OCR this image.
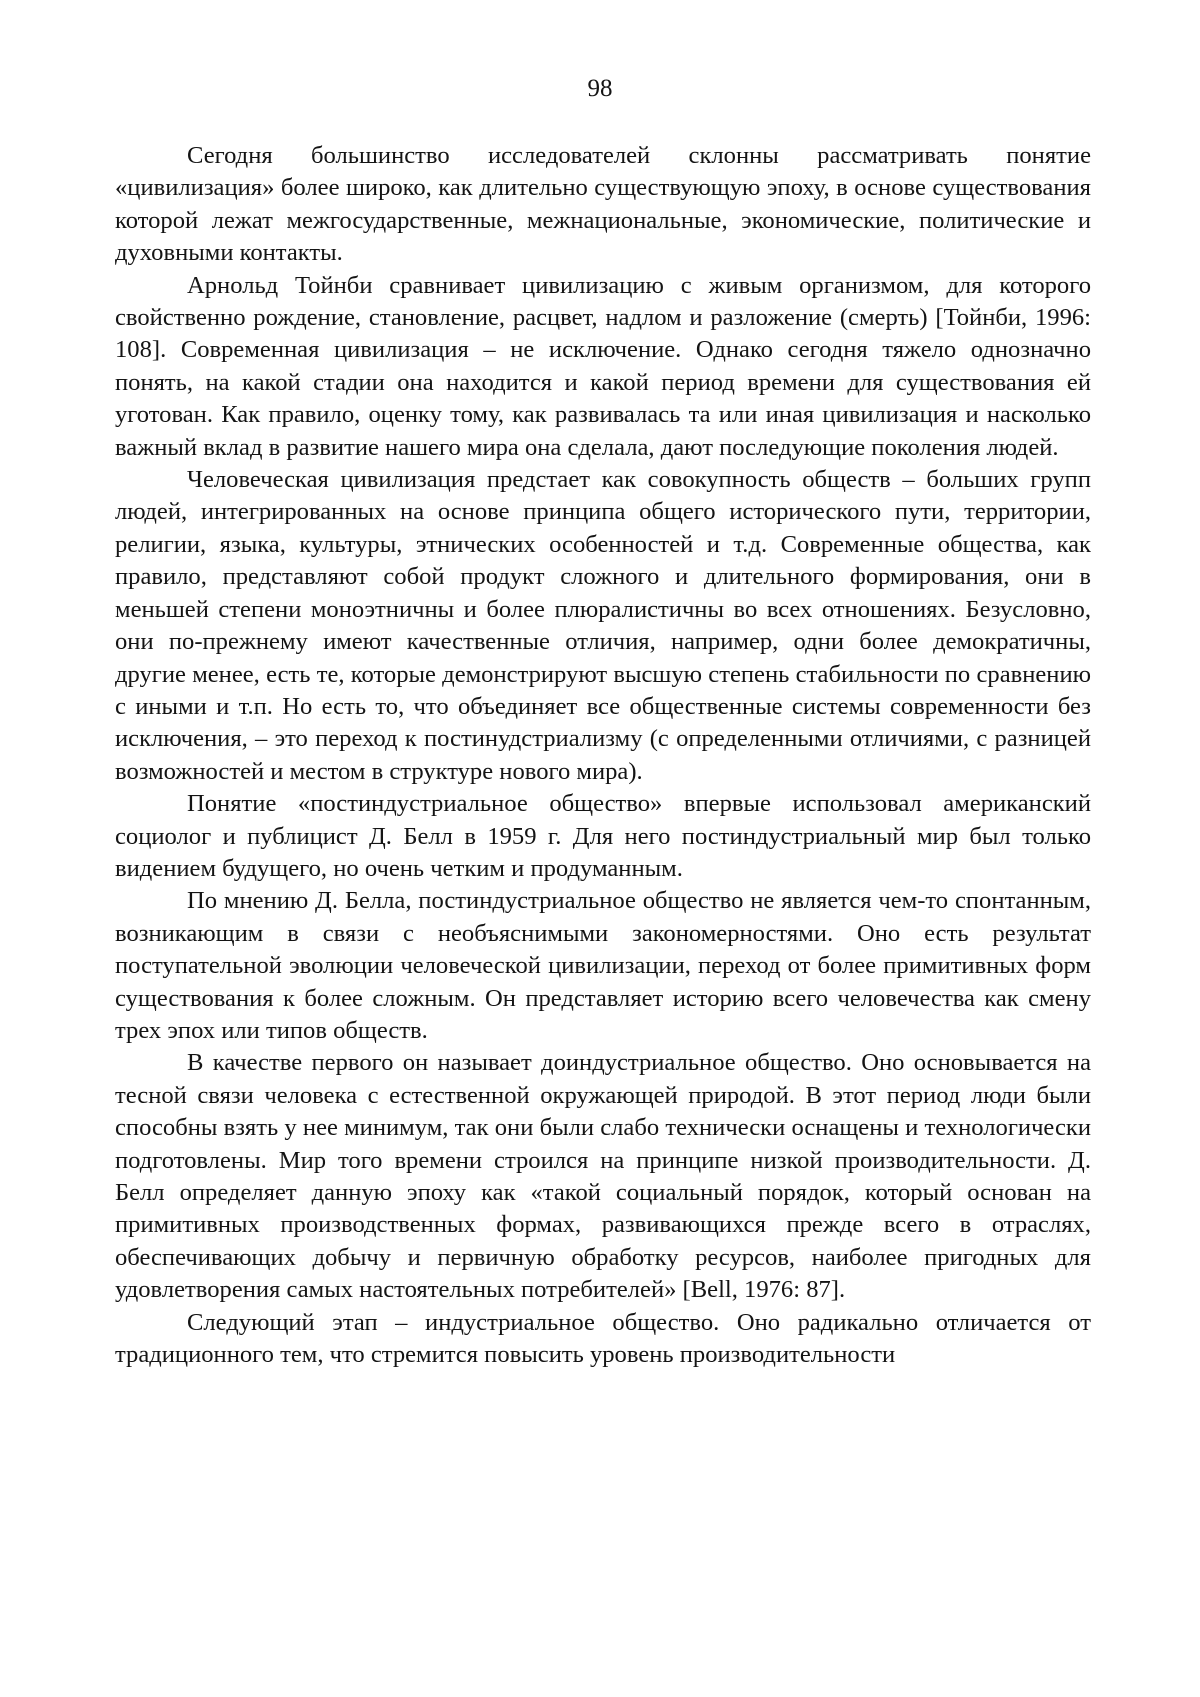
98

Сегодня большинство исследователей склонны рассматривать понятие «цивилизация» более широко, как длительно существующую эпоху, в основе существования которой лежат межгосударственные, межнациональные, экономические, политические и духовными контакты.

Арнольд Тойнби сравнивает цивилизацию с живым организмом, для которого свойственно рождение, становление, расцвет, надлом и разложение (смерть) [Тойнби, 1996: 108]. Современная цивилизация – не исключение. Однако сегодня тяжело однозначно понять, на какой стадии она находится и какой период времени для существования ей уготован. Как правило, оценку тому, как развивалась та или иная цивилизация и насколько важный вклад в развитие нашего мира она сделала, дают последующие поколения людей.

Человеческая цивилизация предстает как совокупность обществ – больших групп людей, интегрированных на основе принципа общего исторического пути, территории, религии, языка, культуры, этнических особенностей и т.д. Современные общества, как правило, представляют собой продукт сложного и длительного формирования, они в меньшей степени моноэтничны и более плюралистичны во всех отношениях. Безусловно, они по-прежнему имеют качественные отличия, например, одни более демократичны, другие менее, есть те, которые демонстрируют высшую степень стабильности по сравнению с иными и т.п. Но есть то, что объединяет все общественные системы современности без исключения, – это переход к постинудстриализму (с определенными отличиями, с разницей возможностей и местом в структуре нового мира).

Понятие «постиндустриальное общество» впервые использовал американский социолог и публицист Д. Белл в 1959 г. Для него постиндустриальный мир был только видением будущего, но очень четким и продуманным.

По мнению Д. Белла, постиндустриальное общество не является чем-то спонтанным, возникающим в связи с необъяснимыми закономерностями. Оно есть результат поступательной эволюции человеческой цивилизации, переход от более примитивных форм существования к более сложным. Он представляет историю всего человечества как смену трех эпох или типов обществ.

В качестве первого он называет доиндустриальное общество. Оно основывается на тесной связи человека с естественной окружающей природой. В этот период люди были способны взять у нее минимум, так они были слабо технически оснащены и технологически подготовлены. Мир того времени строился на принципе низкой производительности. Д. Белл определяет данную эпоху как «такой социальный порядок, который основан на примитивных производственных формах, развивающихся прежде всего в отраслях, обеспечивающих добычу и первичную обработку ресурсов, наиболее пригодных для удовлетворения самых настоятельных потребителей» [Bell, 1976: 87].

Следующий этап – индустриальное общество. Оно радикально отличается от традиционного тем, что стремится повысить уровень производительности
